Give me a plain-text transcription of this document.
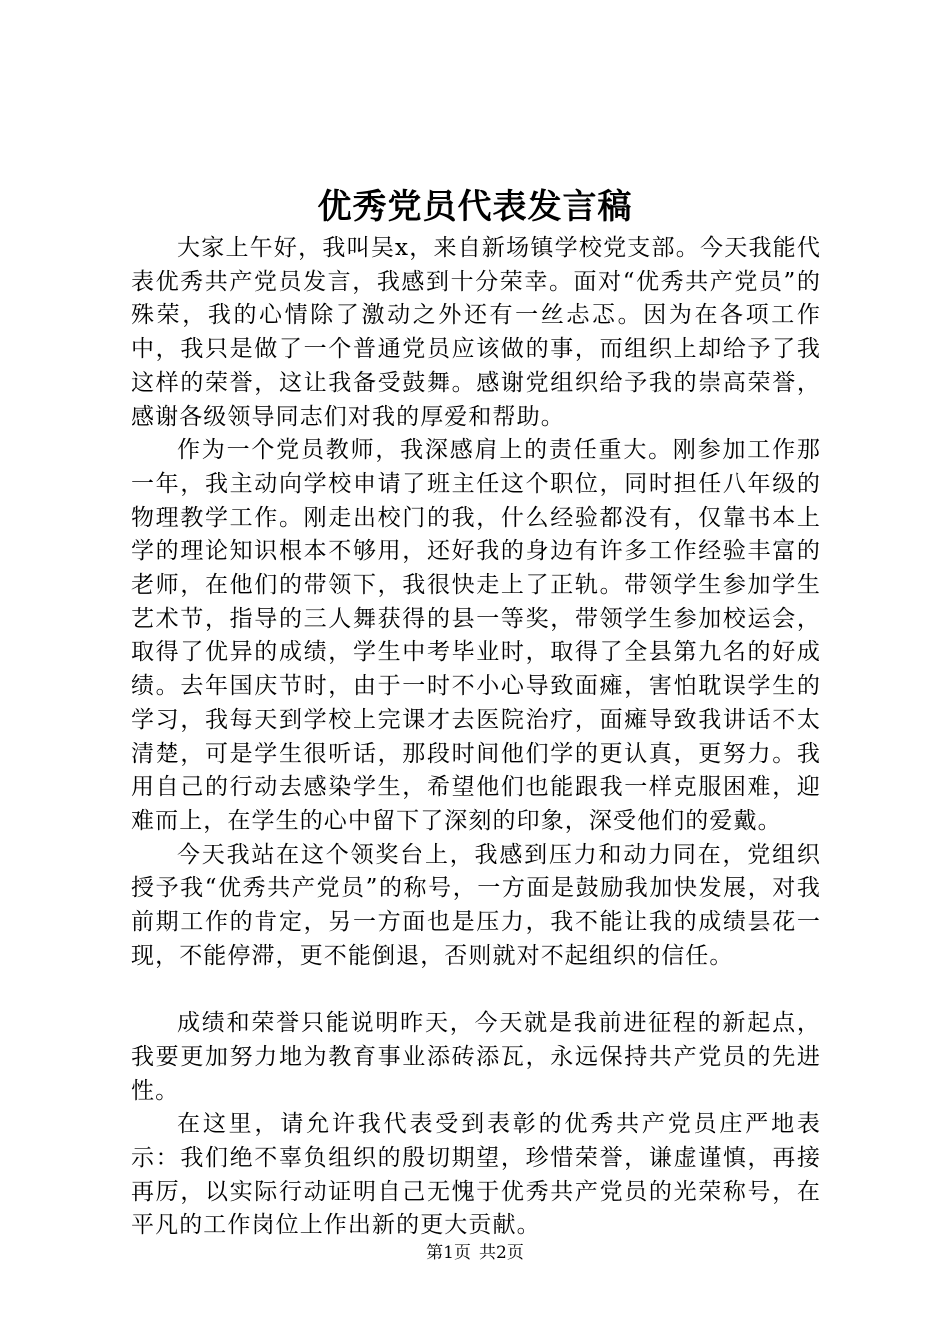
优秀党员代表发言稿

大家上午好，我叫吴x，来自新场镇学校党支部。今天我能代表优秀共产党员发言，我感到十分荣幸。面对“优秀共产党员”的殊荣，我的心情除了激动之外还有一丝忐忑。因为在各项工作中，我只是做了一个普通党员应该做的事，而组织上却给予了我这样的荣誉，这让我备受鼓舞。感谢党组织给予我的崇高荣誉，感谢各级领导同志们对我的厚爱和帮助。

作为一个党员教师，我深感肩上的责任重大。刚参加工作那一年，我主动向学校申请了班主任这个职位，同时担任八年级的物理教学工作。刚走出校门的我，什么经验都没有，仅靠书本上学的理论知识根本不够用，还好我的身边有许多工作经验丰富的老师，在他们的带领下，我很快走上了正轨。带领学生参加学生艺术节，指导的三人舞获得的县一等奖，带领学生参加校运会，取得了优异的成绩，学生中考毕业时，取得了全县第九名的好成绩。去年国庆节时，由于一时不小心导致面瘫，害怕耽误学生的学习，我每天到学校上完课才去医院治疗，面瘫导致我讲话不太清楚，可是学生很听话，那段时间他们学的更认真，更努力。我用自己的行动去感染学生，希望他们也能跟我一样克服困难，迎难而上，在学生的心中留下了深刻的印象，深受他们的爱戴。

今天我站在这个领奖台上，我感到压力和动力同在，党组织授予我“优秀共产党员”的称号，一方面是鼓励我加快发展，对我前期工作的肯定，另一方面也是压力，我不能让我的成绩昙花一现，不能停滞，更不能倒退，否则就对不起组织的信任。

成绩和荣誉只能说明昨天，今天就是我前进征程的新起点，我要更加努力地为教育事业添砖添瓦，永远保持共产党员的先进性。

在这里，请允许我代表受到表彰的优秀共产党员庄严地表示：我们绝不辜负组织的殷切期望，珍惜荣誉，谦虚谨慎，再接再厉，以实际行动证明自己无愧于优秀共产党员的光荣称号，在平凡的工作岗位上作出新的更大贡献。

第1页 共2页
